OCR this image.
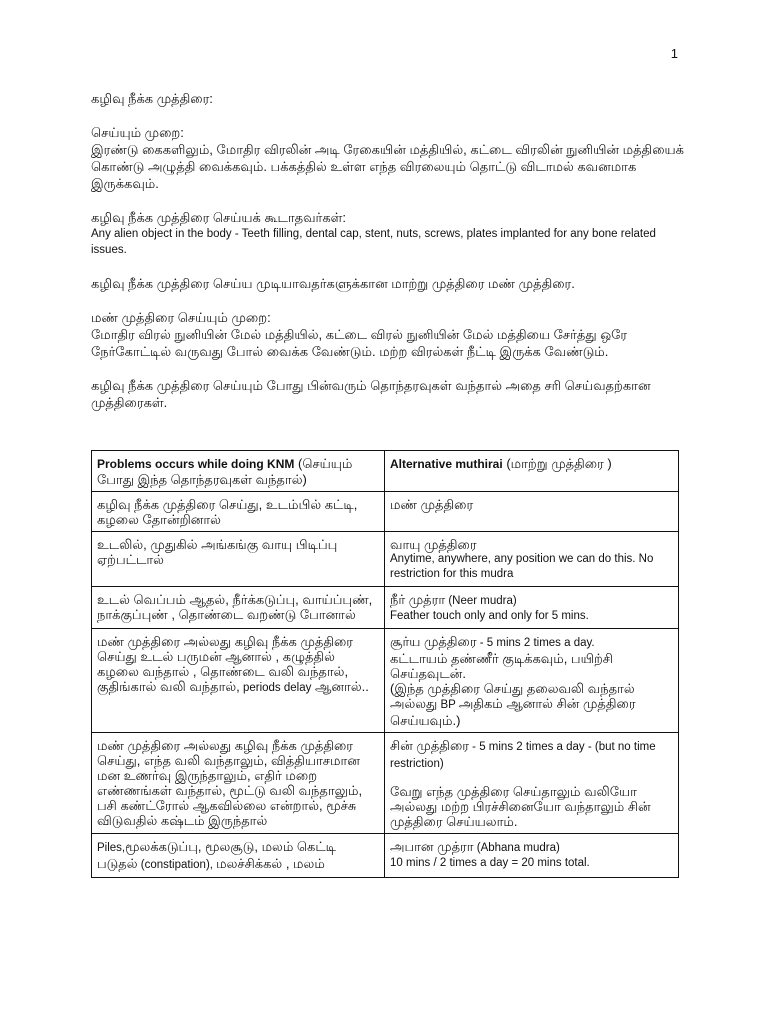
1

கழிவு நீக்க முத்திரை:

செய்யும் முறை:

இரண்டு கைகளிலும், மோதிர விரலின் அடி ரேகையின் மத்தியில், கட்டை விரலின் நுனியின் மத்தியைக் கொண்டு அழுத்தி வைக்கவும். பக்கத்தில் உள்ள எந்த விரலையும் தொட்டு விடாமல் கவனமாக இருக்கவும்.

கழிவு நீக்க முத்திரை செய்யக் கூடாதவர்கள்:

Any alien object in the body - Teeth filling, dental cap, stent, nuts, screws, plates implanted for any bone related issues.

கழிவு நீக்க முத்திரை செய்ய முடியாவதர்களுக்கான மாற்று முத்திரை மண் முத்திரை.

மண் முத்திரை செய்யும் முறை:

மோதிர விரல் நுனியின் மேல் மத்தியில், கட்டை விரல் நுனியின் மேல் மத்தியை சேர்த்து ஒரே நேர்கோட்டில் வருவது போல் வைக்க வேண்டும். மற்ற விரல்கள் நீட்டி இருக்க வேண்டும்.

கழிவு நீக்க முத்திரை செய்யும் போது பின்வரும் தொந்தரவுகள் வந்தால் அதை சரி செய்வதற்கான முத்திரைகள்.

Problems occurs while doing KNM (செய்யும் போது இந்த தொந்தரவுகள் வந்தால்)	Alternative muthirai (மாற்று முத்திரை )
கழிவு நீக்க முத்திரை செய்து, உடம்பில் கட்டி, கழலை தோன்றினால்	மண் முத்திரை
உடலில், முதுகில் அங்கங்கு வாயு பிடிப்பு ஏற்பட்டால்	வாயு முத்திரை
Anytime, anywhere, any position we can do this. No restriction for this mudra

உடல் வெப்பம் ஆதல், நீர்க்கடுப்பு, வாய்ப்புண், நாக்குப்புண் , தொண்டை வறண்டு போனால்	நீர் முத்ரா (Neer mudra)
Feather touch only and only for 5 mins.

மண் முத்திரை அல்லது கழிவு நீக்க முத்திரை செய்து உடல் பருமன் ஆனால் , கழுத்தில் கழலை வந்தால் , தொண்டை வலி வந்தால், குதிங்கால் வலி வந்தால், periods delay ஆனால்..	சூர்ய முத்திரை - 5 mins 2 times a day.
கட்டாயம் தண்ணீர் குடிக்கவும், பயிற்சி செய்தவுடன்.
(இந்த முத்திரை செய்து தலைவலி வந்தால் அல்லது BP அதிகம் ஆனால் சின் முத்திரை செய்யவும்.)

மண் முத்திரை அல்லது கழிவு நீக்க முத்திரை செய்து, எந்த வலி வந்தாலும், வித்தியாசமான மன உணர்வு இருந்தாலும், எதிர் மறை எண்ணங்கள் வந்தால், மூட்டு வலி வந்தாலும், பசி கண்ட்ரோல் ஆகவில்லை என்றால், மூச்சு விடுவதில் கஷ்டம் இருந்தால்	சின் முத்திரை - 5 mins 2 times a day - (but no time restriction)
வேறு எந்த முத்திரை செய்தாலும் வலியோ அல்லது மற்ற பிரச்சினையோ வந்தாலும் சின் முத்திரை செய்யலாம்.

Piles,மூலக்கடுப்பு, மூலசூடு, மலம் கெட்டி படுதல் (constipation), மலச்சிக்கல் , மலம்	அபான முத்ரா (Abhana mudra)
10 mins / 2 times a day = 20 mins total.
